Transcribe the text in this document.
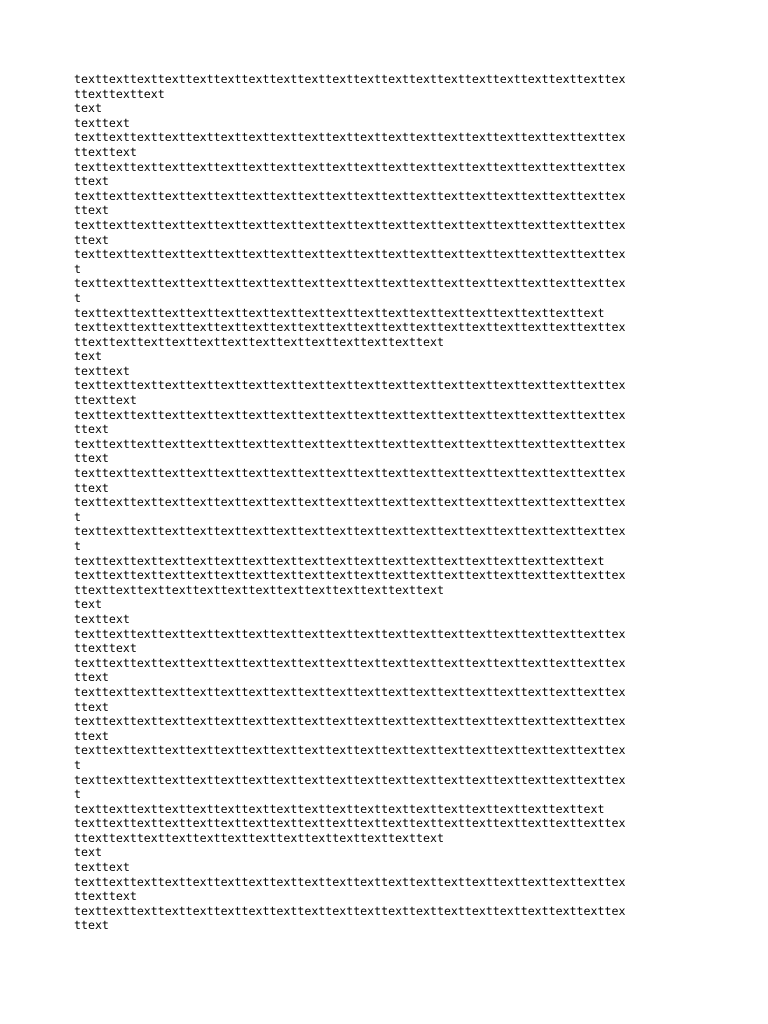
texttexttexttexttexttexttexttexttexttexttexttexttexttexttexttexttexttexttexttex
ttexttexttext
text
texttext
texttexttexttexttexttexttexttexttexttexttexttexttexttexttexttexttexttexttexttex
ttexttext
texttexttexttexttexttexttexttexttexttexttexttexttexttexttexttexttexttexttexttex
ttext
texttexttexttexttexttexttexttexttexttexttexttexttexttexttexttexttexttexttexttex
ttext
texttexttexttexttexttexttexttexttexttexttexttexttexttexttexttexttexttexttexttex
ttext
texttexttexttexttexttexttexttexttexttexttexttexttexttexttexttexttexttexttexttex
t
texttexttexttexttexttexttexttexttexttexttexttexttexttexttexttexttexttexttexttex
t
texttexttexttexttexttexttexttexttexttexttexttexttexttexttexttexttexttexttext
texttexttexttexttexttexttexttexttexttexttexttexttexttexttexttexttexttexttexttex
ttexttexttexttexttexttexttexttexttexttexttexttexttext
text
texttext
texttexttexttexttexttexttexttexttexttexttexttexttexttexttexttexttexttexttexttex
ttexttext
texttexttexttexttexttexttexttexttexttexttexttexttexttexttexttexttexttexttexttex
ttext
texttexttexttexttexttexttexttexttexttexttexttexttexttexttexttexttexttexttexttex
ttext
texttexttexttexttexttexttexttexttexttexttexttexttexttexttexttexttexttexttexttex
ttext
texttexttexttexttexttexttexttexttexttexttexttexttexttexttexttexttexttexttexttex
t
texttexttexttexttexttexttexttexttexttexttexttexttexttexttexttexttexttexttexttex
t
texttexttexttexttexttexttexttexttexttexttexttexttexttexttexttexttexttexttext
texttexttexttexttexttexttexttexttexttexttexttexttexttexttexttexttexttexttexttex
ttexttexttexttexttexttexttexttexttexttexttexttexttext
text
texttext
texttexttexttexttexttexttexttexttexttexttexttexttexttexttexttexttexttexttexttex
ttexttext
texttexttexttexttexttexttexttexttexttexttexttexttexttexttexttexttexttexttexttex
ttext
texttexttexttexttexttexttexttexttexttexttexttexttexttexttexttexttexttexttexttex
ttext
texttexttexttexttexttexttexttexttexttexttexttexttexttexttexttexttexttexttexttex
ttext
texttexttexttexttexttexttexttexttexttexttexttexttexttexttexttexttexttexttexttex
t
texttexttexttexttexttexttexttexttexttexttexttexttexttexttexttexttexttexttexttex
t
texttexttexttexttexttexttexttexttexttexttexttexttexttexttexttexttexttexttext
texttexttexttexttexttexttexttexttexttexttexttexttexttexttexttexttexttexttexttex
ttexttexttexttexttexttexttexttexttexttexttexttexttext
text
texttext
texttexttexttexttexttexttexttexttexttexttexttexttexttexttexttexttexttexttexttex
ttexttext
texttexttexttexttexttexttexttexttexttexttexttexttexttexttexttexttexttexttexttex
ttext
